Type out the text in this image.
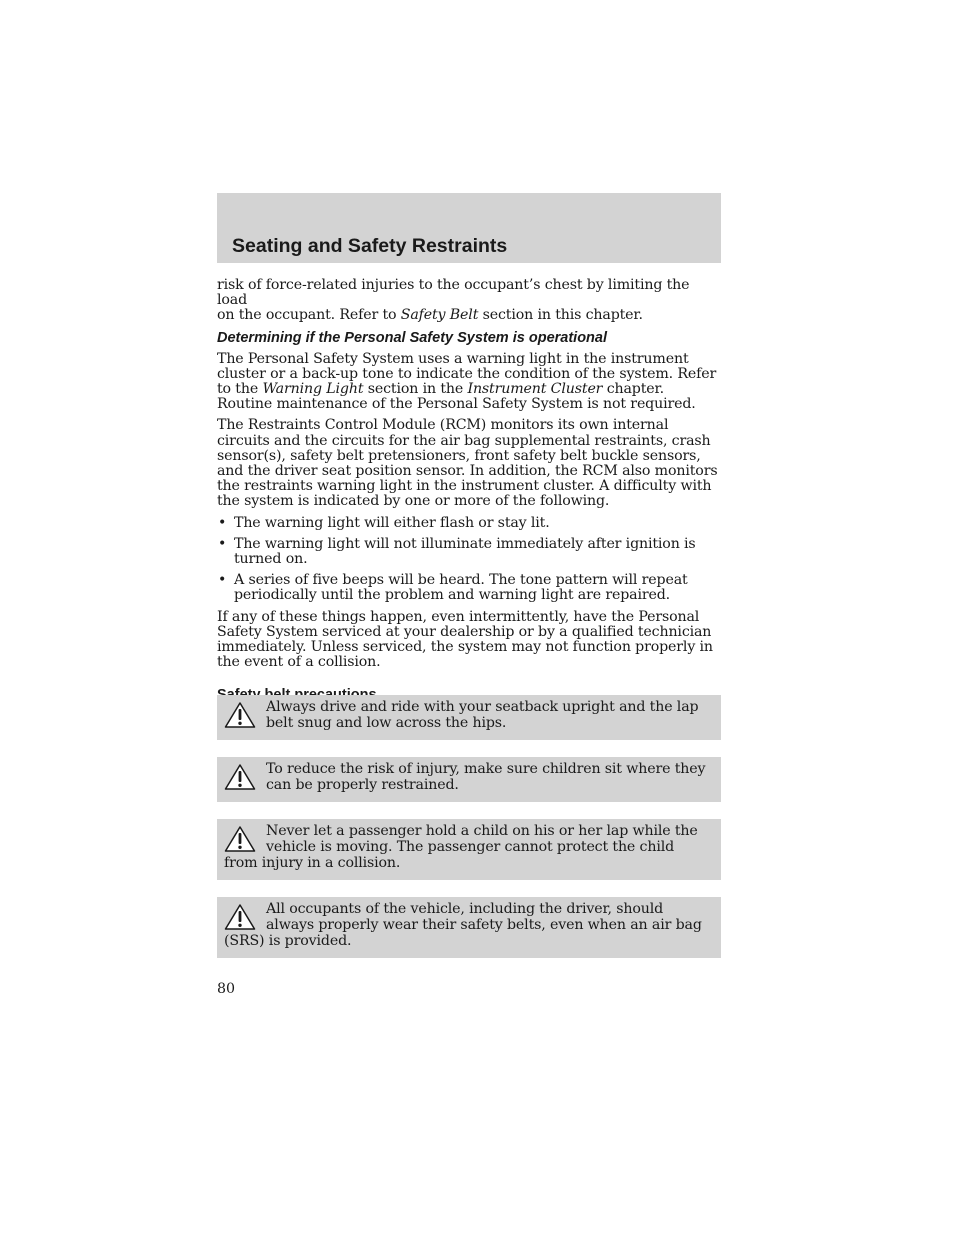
Seating and Safety Restraints

risk of force-related injuries to the occupant’s chest by limiting the load
on the occupant. Refer to Safety Belt section in this chapter.

Determining if the Personal Safety System is operational

The Personal Safety System uses a warning light in the instrument cluster or a back-up tone to indicate the condition of the system. Refer to the Warning Light section in the Instrument Cluster chapter. Routine maintenance of the Personal Safety System is not required.

The Restraints Control Module (RCM) monitors its own internal circuits and the circuits for the air bag supplemental restraints, crash sensor(s), safety belt pretensioners, front safety belt buckle sensors, and the driver seat position sensor. In addition, the RCM also monitors the restraints warning light in the instrument cluster. A difficulty with the system is indicated by one or more of the following.

• The warning light will either flash or stay lit.
• The warning light will not illuminate immediately after ignition is turned on.
• A series of five beeps will be heard. The tone pattern will repeat periodically until the problem and warning light are repaired.

If any of these things happen, even intermittently, have the Personal Safety System serviced at your dealership or by a qualified technician immediately. Unless serviced, the system may not function properly in the event of a collision.

Always drive and ride with your seatback upright and the lap belt snug and low across the hips.
To reduce the risk of injury, make sure children sit where they can be properly restrained.
Never let a passenger hold a child on his or her lap while the vehicle is moving. The passenger cannot protect the child from injury in a collision.
All occupants of the vehicle, including the driver, should always properly wear their safety belts, even when an air bag (SRS) is provided.
80
